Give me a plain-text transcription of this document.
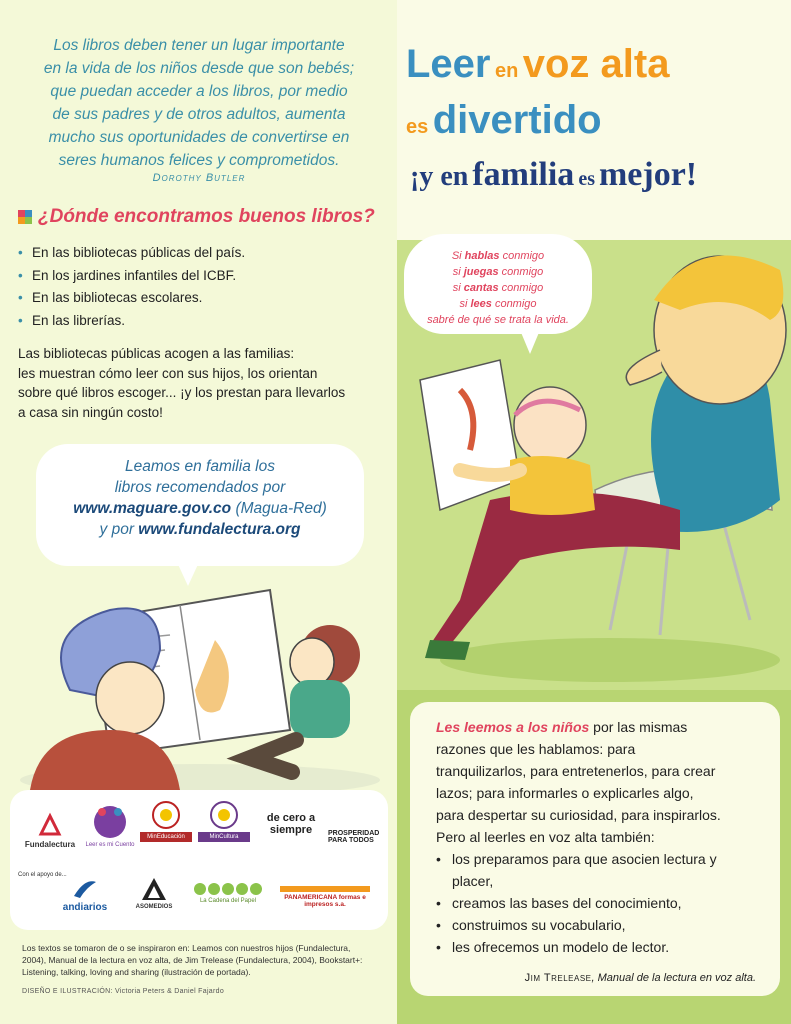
Los libros deben tener un lugar importante
en la vida de los niños desde que son bebés;
que puedan acceder a los libros, por medio
de sus padres y de otros adultos, aumenta
mucho sus oportunidades de convertirse en
seres humanos felices y comprometidos.
Dorothy Butler
¿Dónde encontramos buenos libros?
• En las bibliotecas públicas del país.
• En los jardines infantiles del ICBF.
• En las bibliotecas escolares.
• En las librerías.
Las bibliotecas públicas acogen a las familias:
les muestran cómo leer con sus hijos, los orientan
sobre qué libros escoger... ¡y los prestan para llevarlos
a casa sin ningún costo!
Leamos en familia los
libros recomendados por
www.maguare.gov.co (Magua-Red)
y por www.fundalectura.org
Fundalectura	Leer es mi Cuento
MinEducación	MinCultura
de cero a siempre	PROSPERIDAD PARA TODOS
Con el apoyo de...
andiarios	ASOMEDIOS
La Cadena del Papel	PANAMERICANA formas e impresos s.a.
Los textos se tomaron de o se inspiraron en: Leamos con nuestros hijos (Fundalectura, 2004), Manual de la lectura en voz alta, de Jim Trelease (Fundalectura, 2004), Bookstart+: Listening, talking, loving and sharing (ilustración de portada).
DISEÑO E ILUSTRACIÓN: Victoria Peters & Daniel Fajardo
Leer en voz alta
es divertido
¡y en familia es mejor!
Si hablas conmigo
si juegas conmigo
si cantas conmigo
si lees conmigo
sabré de qué se trata la vida.
Les leemos a los niños por las mismas
razones que les hablamos: para
tranquilizarlos, para entretenerlos, para crear
lazos; para informarles o explicarles algo,
para despertar su curiosidad, para inspirarlos.
Pero al leerles en voz alta también:
• los preparamos para que asocien lectura y placer,
• creamos las bases del conocimiento,
• construimos su vocabulario,
• les ofrecemos un modelo de lector.
Jim Trelease, Manual de la lectura en voz alta.
